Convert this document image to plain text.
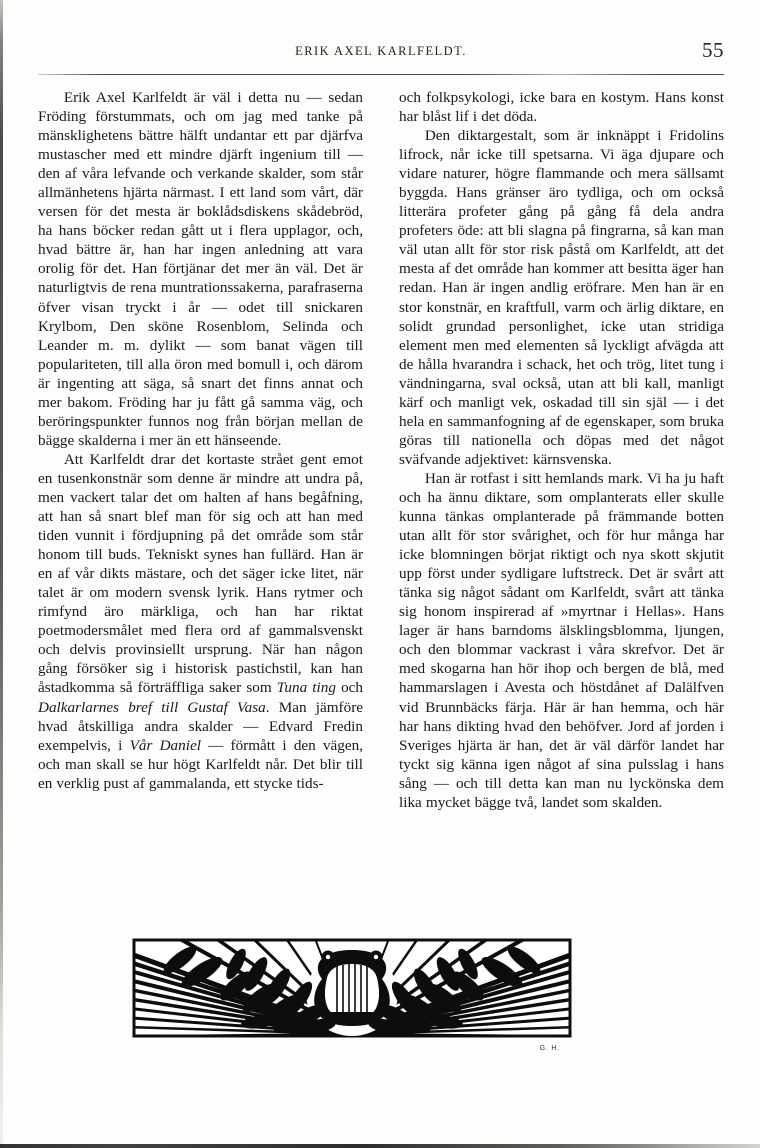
ERIK AXEL KARLFELDT.	55

Erik Axel Karlfeldt är väl i detta nu — sedan Fröding förstummats, och om jag med tanke på mänsklighetens bättre hälft undantar ett par djärfva mustascher med ett mindre djärft ingenium till — den af våra lefvande och verkande skalder, som står allmänhetens hjärta närmast. I ett land som vårt, där versen för det mesta är boklådsdiskens skådebröd, ha hans böcker redan gått ut i flera upplagor, och, hvad bättre är, han har ingen anledning att vara orolig för det. Han förtjänar det mer än väl. Det är naturligtvis de rena muntrationssakerna, parafraserna öfver visan tryckt i år — odet till snickaren Krylbom, Den sköne Rosenblom, Selinda och Leander m. m. dylikt — som banat vägen till populariteten, till alla öron med bomull i, och därom är ingenting att säga, så snart det finns annat och mer bakom. Fröding har ju fått gå samma väg, och beröringspunkter funnos nog från början mellan de bägge skalderna i mer än ett hänseende.

Att Karlfeldt drar det kortaste strået gent emot en tusenkonstnär som denne är mindre att undra på, men vackert talar det om halten af hans begåfning, att han så snart blef man för sig och att han med tiden vunnit i fördjupning på det område som står honom till buds. Tekniskt synes han fullärd. Han är en af vår dikts mästare, och det säger icke litet, när talet är om modern svensk lyrik. Hans rytmer och rimfynd äro märkliga, och han har riktat poetmodersmålet med flera ord af gammalsvenskt och delvis provinsiellt ursprung. När han någon gång försöker sig i historisk pastichstil, kan han åstadkomma så förträffliga saker som Tuna ting och Dalkarlarnes bref till Gustaf Vasa. Man jämföre hvad åtskilliga andra skalder — Edvard Fredin exempelvis, i Vår Daniel — förmått i den vägen, och man skall se hur högt Karlfeldt når. Det blir till en verklig pust af gammalanda, ett stycke tids-

och folkpsykologi, icke bara en kostym. Hans konst har blåst lif i det döda.

Den diktargestalt, som är inknäppt i Fridolins lifrock, når icke till spetsarna. Vi äga djupare och vidare naturer, högre flammande och mera sällsamt byggda. Hans gränser äro tydliga, och om också litterära profeter gång på gång få dela andra profeters öde: att bli slagna på fingrarna, så kan man väl utan allt för stor risk påstå om Karlfeldt, att det mesta af det område han kommer att besitta äger han redan. Han är ingen andlig eröfrare. Men han är en stor konstnär, en kraftfull, varm och ärlig diktare, en solidt grundad personlighet, icke utan stridiga element men med elementen så lyckligt afvägda att de hålla hvarandra i schack, het och trög, litet tung i vändningarna, sval också, utan att bli kall, manligt kärf och manligt vek, oskadad till sin själ — i det hela en sammanfogning af de egenskaper, som bruka göras till nationella och döpas med det något sväfvande adjektivet: kärnsvenska.

Han är rotfast i sitt hemlands mark. Vi ha ju haft och ha ännu diktare, som omplanterats eller skulle kunna tänkas omplanterade på främmande botten utan allt för stor svårighet, och för hur många har icke blomningen börjat riktigt och nya skott skjutit upp först under sydligare luftstreck. Det är svårt att tänka sig något sådant om Karlfeldt, svårt att tänka sig honom inspirerad af »myrtnar i Hellas». Hans lager är hans barndoms älsklingsblomma, ljungen, och den blommar vackrast i våra skrefvor. Det är med skogarna han hör ihop och bergen de blå, med hammarslagen i Avesta och höstdånet af Dalälfven vid Brunnbäcks färja. Här är han hemma, och här har hans dikting hvad den behöfver. Jord af jorden i Sveriges hjärta är han, det är väl därför landet har tyckt sig känna igen något af sina pulsslag i hans sång — och till detta kan man nu lyckönska dem lika mycket bägge två, landet som skalden.

G. H.
